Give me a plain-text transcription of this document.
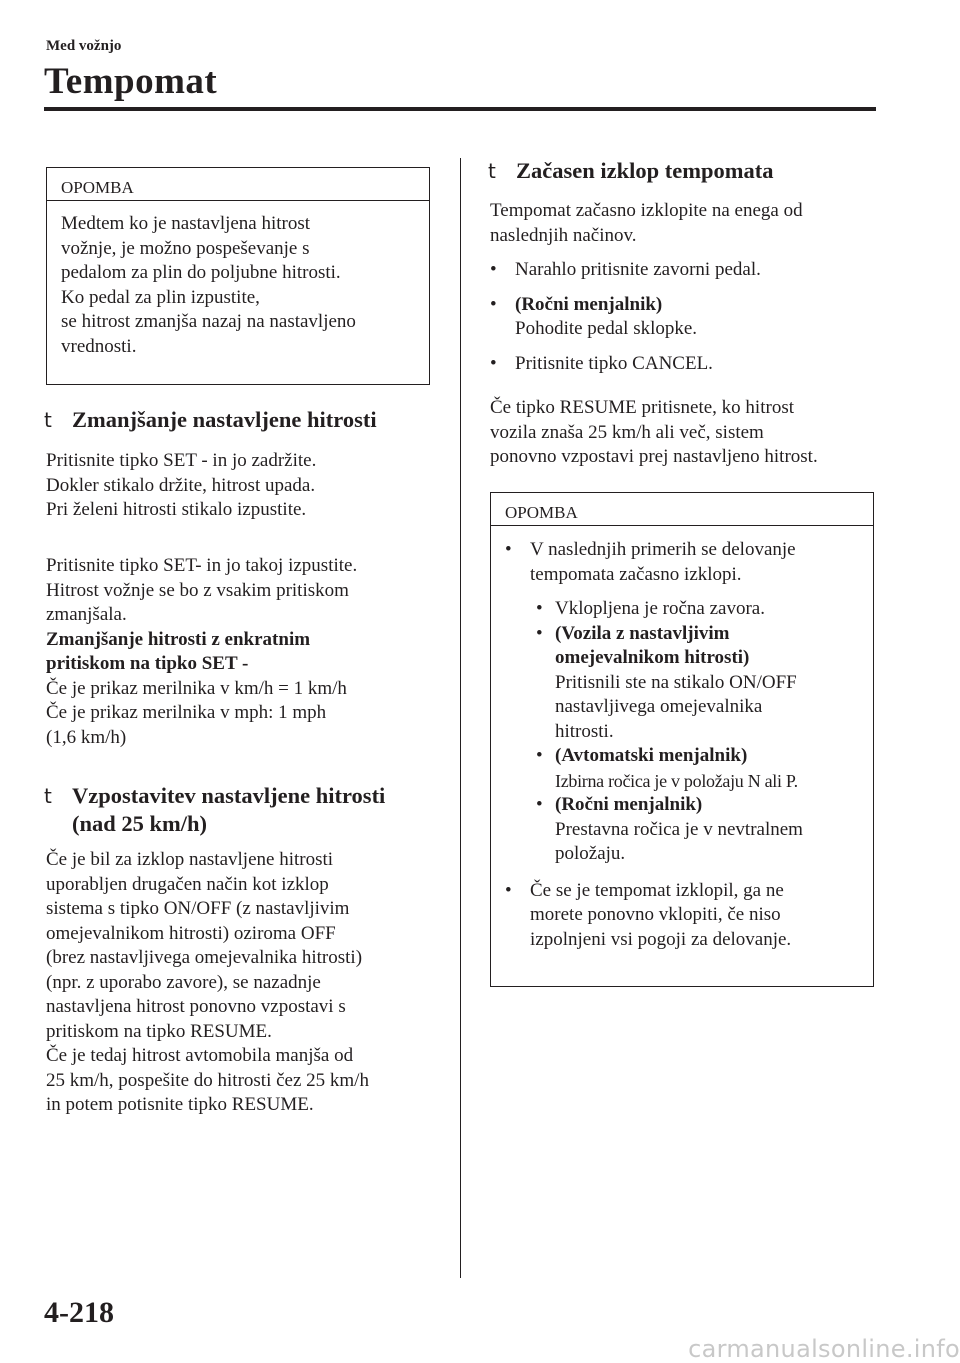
Med vožnjo
Tempomat
OPOMBA
Medtem ko je nastavljena hitrost
vožnje, je možno pospeševanje s
pedalom za plin do poljubne hitrosti.
Ko pedal za plin izpustite,
se hitrost zmanjša nazaj na nastavljeno
vrednosti.
t Zmanjšanje nastavljene hitrosti

Pritisnite tipko SET - in jo zadržite.

Dokler stikalo držite, hitrost upada.

Pri želeni hitrosti stikalo izpustite.

Pritisnite tipko SET- in jo takoj izpustite.

Hitrost vožnje se bo z vsakim pritiskom

zmanjšala.

Zmanjšanje hitrosti z enkratnim

pritiskom na tipko SET -

Če je prikaz merilnika v km/h = 1 km/h

Če je prikaz merilnika v mph: 1 mph

(1,6 km/h)

t Vzpostavitev nastavljene hitrosti
(nad 25 km/h)

Če je bil za izklop nastavljene hitrosti

uporabljen drugačen način kot izklop

sistema s tipko ON/OFF (z nastavljivim

omejevalnikom hitrosti) oziroma OFF

(brez nastavljivega omejevalnika hitrosti)

(npr. z uporabo zavore), se nazadnje

nastavljena hitrost ponovno vzpostavi s

pritiskom na tipko RESUME.

Če je tedaj hitrost avtomobila manjša od

25 km/h, pospešite do hitrosti čez 25 km/h

in potem potisnite tipko RESUME.

t Začasen izklop tempomata

Tempomat začasno izklopite na enega od

naslednjih načinov.

• Narahlo pritisnite zavorni pedal.
• (Ročni menjalnik)
Pohodite pedal sklopke.
• Pritisnite tipko CANCEL.

Če tipko RESUME pritisnete, ko hitrost

vozila znaša 25 km/h ali več, sistem

ponovno vzpostavi prej nastavljeno hitrost.

OPOMBA
• V naslednjih primerih se delovanje
tempomata začasno izklopi.
• Vklopljena je ročna zavora.
• (Vozila z nastavljivim
omejevalnikom hitrosti)
Pritisnili ste na stikalo ON/OFF
nastavljivega omejevalnika
hitrosti.
• (Avtomatski menjalnik)
Izbirna ročica je v položaju N ali P.
• (Ročni menjalnik)
Prestavna ročica je v nevtralnem
položaju.
• Če se je tempomat izklopil, ga ne
morete ponovno vklopiti, če niso
izpolnjeni vsi pogoji za delovanje.
4-218
carmanualsonline.info
